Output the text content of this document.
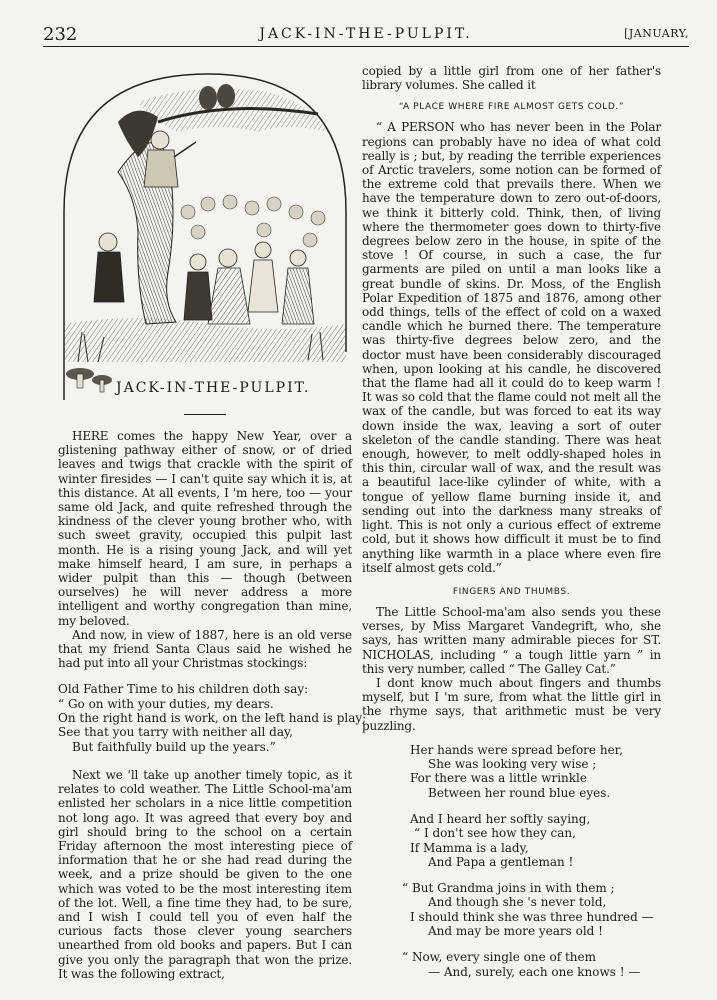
232	JACK-IN-THE-PULPIT.	[JANUARY,
JACK-IN-THE-PULPIT.

HERE comes the happy New Year, over a glistening pathway either of snow, or of dried leaves and twigs that crackle with the spirit of winter firesides — I can't quite say which it is, at this distance. At all events, I 'm here, too — your same old Jack, and quite refreshed through the kindness of the clever young brother who, with such sweet gravity, occupied this pulpit last month. He is a rising young Jack, and will yet make himself heard, I am sure, in perhaps a wider pulpit than this — though (between ourselves) he will never address a more intelligent and worthy congregation than mine, my beloved.

And now, in view of 1887, here is an old verse that my friend Santa Claus said he wished he had put into all your Christmas stockings:

Old Father Time to his children doth say:
“ Go on with your duties, my dears.
On the right hand is work, on the left hand is play;
See that you tarry with neither all day,
But faithfully build up the years.”

Next we 'll take up another timely topic, as it relates to cold weather. The Little School-ma'am enlisted her scholars in a nice little competition not long ago. It was agreed that every boy and girl should bring to the school on a certain Friday afternoon the most interesting piece of information that he or she had read during the week, and a prize should be given to the one which was voted to be the most interesting item of the lot. Well, a fine time they had, to be sure, and I wish I could tell you of even half the curious facts those clever young searchers unearthed from old books and papers. But I can give you only the paragraph that won the prize. It was the following extract,

copied by a little girl from one of her father's library volumes. She called it

“A PLACE WHERE FIRE ALMOST GETS COLD.”

“ A PERSON who has never been in the Polar regions can probably have no idea of what cold really is ; but, by reading the terrible experiences of Arctic travelers, some notion can be formed of the extreme cold that prevails there. When we have the temperature down to zero out-of-doors, we think it bitterly cold. Think, then, of living where the thermometer goes down to thirty-five degrees below zero in the house, in spite of the stove ! Of course, in such a case, the fur garments are piled on until a man looks like a great bundle of skins. Dr. Moss, of the English Polar Expedition of 1875 and 1876, among other odd things, tells of the effect of cold on a waxed candle which he burned there. The temperature was thirty-five degrees below zero, and the doctor must have been considerably discouraged when, upon looking at his candle, he discovered that the flame had all it could do to keep warm ! It was so cold that the flame could not melt all the wax of the candle, but was forced to eat its way down inside the wax, leaving a sort of outer skeleton of the candle standing. There was heat enough, however, to melt oddly-shaped holes in this thin, circular wall of wax, and the result was a beautiful lace-like cylinder of white, with a tongue of yellow flame burning inside it, and sending out into the darkness many streaks of light. This is not only a curious effect of extreme cold, but it shows how difficult it must be to find anything like warmth in a place where even fire itself almost gets cold.”

FINGERS AND THUMBS.

The Little School-ma'am also sends you these verses, by Miss Margaret Vandegrift, who, she says, has written many admirable pieces for ST. NICHOLAS, including “ a tough little yarn ” in this very number, called “ The Galley Cat.”

I dont know much about fingers and thumbs myself, but I 'm sure, from what the little girl in the rhyme says, that arithmetic must be very puzzling.

Her hands were spread before her,
She was looking very wise ;
For there was a little wrinkle
Between her round blue eyes.
And I heard her softly saying,
“ I don't see how they can,
If Mamma is a lady,
And Papa a gentleman !
“ But Grandma joins in with them ;
And though she 's never told,
I should think she was three hundred —
And may be more years old !
“ Now, every single one of them
— And, surely, each one knows ! —
